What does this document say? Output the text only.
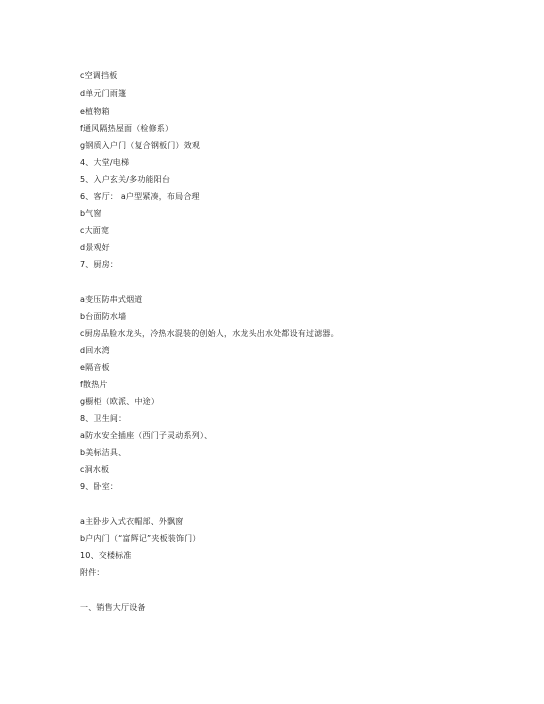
c空调挡板
d单元门雨篷
e植物箱
f通风隔热屋面（检修系）
g钢质入户门（复合钢板门）效观
4、大堂/电梯
5、入户玄关/多功能阳台
6、客厅： a户型紧凑，布局合理
b气窗
c大面宽
d景观好
7、厨房：
a变压防串式烟道
b台面防水墙
c厨房品脸水龙头，冷热水混装的创始人，水龙头出水处都设有过滤器。
d回水湾
e隔音板
f散热片
g橱柜（欧派、中途）
8、卫生间：
a防水安全插座（西门子灵动系列）、
b美标洁具、
c洞水板
9、卧室：
a主卧步入式衣帽部、外飘窗
b户内门（“富辉记”夹板装饰门）
10、交楼标准
附件：
一、销售大厅设备
